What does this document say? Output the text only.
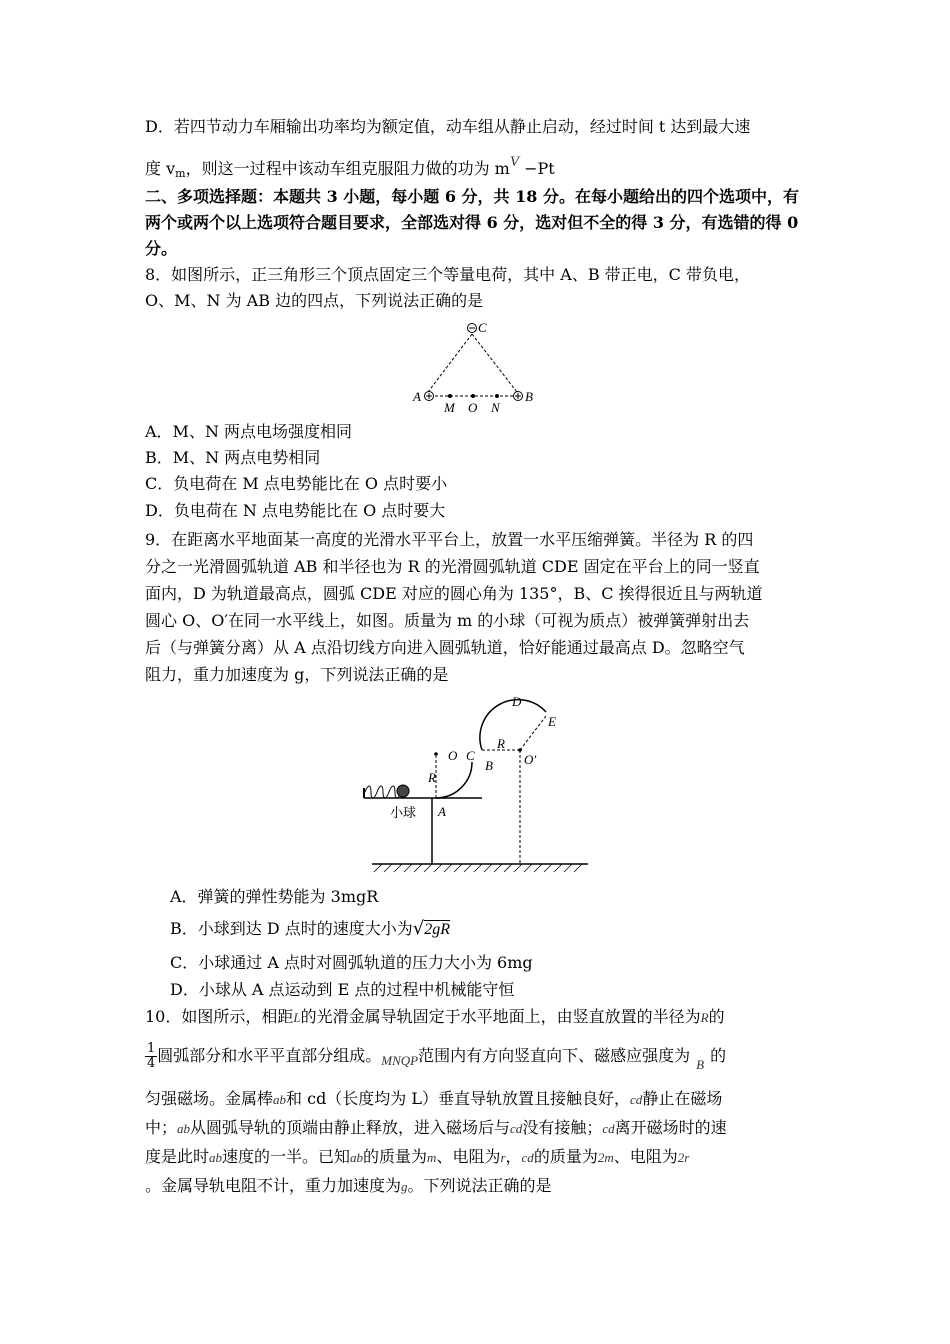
D．若四节动力车厢输出功率均为额定值，动车组从静止启动，经过时间 t 达到最大速
度 $v_m$，则这一过程中该动车组克服阻力做的功为 mV −Pt
二、多项选择题：本题共 3 小题，每小题 6 分，共 18 分。在每小题给出的四个选项中，有
两个或两个以上选项符合题目要求，全部选对得 6 分，选对但不全的得 3 分，有选错的得 0
分。
8．如图所示，正三角形三个顶点固定三个等量电荷，其中 A、B 带正电，C 带负电，
O、M、N 为 AB 边的四点，下列说法正确的是
C
A	B
M O N
A．M、N 两点电场强度相同
B．M、N 两点电势相同
C．负电荷在 M 点电势能比在 O 点时要小
D．负电荷在 N 点电势能比在 O 点时要大
9．在距离水平地面某一高度的光滑水平平台上，放置一水平压缩弹簧。半径为 R 的四
分之一光滑圆弧轨道 AB 和半径也为 R 的光滑圆弧轨道 CDE 固定在平台上的同一竖直
面内，D 为轨道最高点，圆弧 CDE 对应的圆心角为 135°，B、C 挨得很近且与两轨道
圆心 O、O′在同一水平线上，如图。质量为 m 的小球（可视为质点）被弹簧弹射出去
后（与弹簧分离）从 A 点沿切线方向进入圆弧轨道，恰好能通过最高点 D。忽略空气
阻力，重力加速度为 g，下列说法正确的是
D
E
O C
R
R
B O′
A
小球
A．弹簧的弹性势能为 3mgR
B．小球到达 D 点时的速度大小为√2gR
C．小球通过 A 点时对圆弧轨道的压力大小为 6mg
D．小球从 A 点运动到 E 点的过程中机械能守恒
10．如图所示，相距L的光滑金属导轨固定于水平地面上，由竖直放置的半径为R的
$\frac{1}{4}$ 圆弧部分和水平平直部分组成。$_{MNQP}$范围内有方向竖直向下、磁感应强度为 $_B$ 的
匀强磁场。金属棒ab和 cd（长度均为 L）垂直导轨放置且接触良好，cd静止在磁场
中；ab从圆弧导轨的顶端由静止释放，进入磁场后与cd没有接触；cd离开磁场时的速
度是此时ab速度的一半。已知ab的质量为m、电阻为r，cd的质量为2m、电阻为2r
。金属导轨电阻不计，重力加速度为g。下列说法正确的是
